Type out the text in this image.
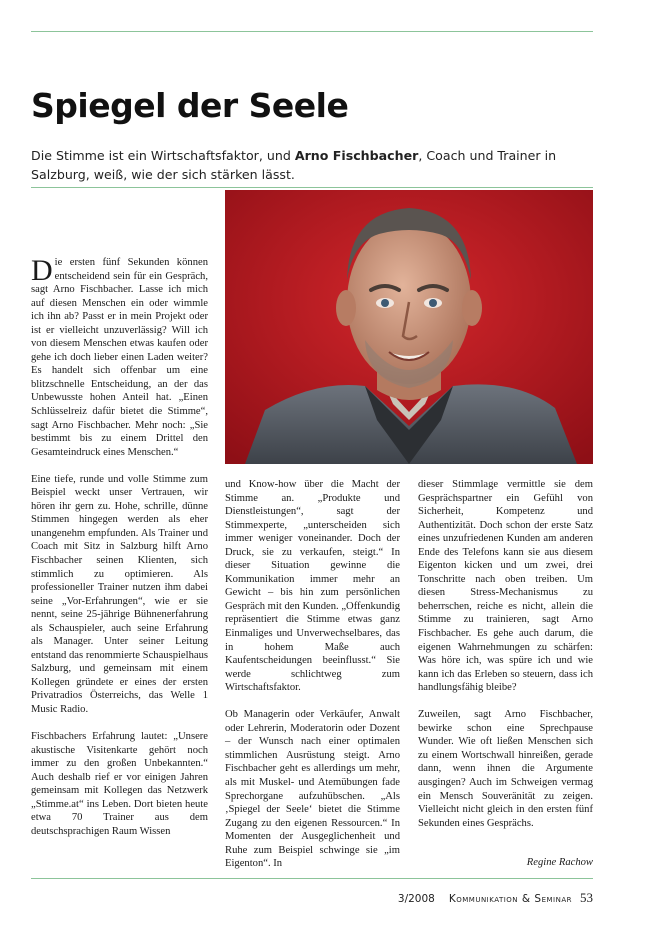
Spiegel der Seele

Die Stimme ist ein Wirtschaftsfaktor, und Arno Fischbacher, Coach und Trainer in Salzburg, weiß, wie der sich stärken lässt.

Die ersten fünf Sekunden können entscheidend sein für ein Gespräch, sagt Arno Fischbacher. Lasse ich mich auf diesen Menschen ein oder wimmle ich ihn ab? Passt er in mein Projekt oder ist er vielleicht unzuverlässig? Will ich von diesem Menschen etwas kaufen oder gehe ich doch lieber einen Laden weiter? Es handelt sich offenbar um eine blitzschnelle Entscheidung, an der das Unbewusste hohen Anteil hat. „Einen Schlüsselreiz dafür bietet die Stimme“, sagt Arno Fischbacher. Mehr noch: „Sie bestimmt bis zu einem Drittel den Gesamteindruck eines Menschen.“

Eine tiefe, runde und volle Stimme zum Beispiel weckt unser Vertrauen, wir hören ihr gern zu. Hohe, schrille, dünne Stimmen hingegen werden als eher unangenehm empfunden. Als Trainer und Coach mit Sitz in Salzburg hilft Arno Fischbacher seinen Klienten, sich stimmlich zu optimieren. Als professioneller Trainer nutzen ihm dabei seine „Vor-Erfahrungen“, wie er sie nennt, seine 25-jährige Bühnenerfahrung als Schauspieler, auch seine Erfahrung als Manager. Unter seiner Leitung entstand das renommierte Schauspielhaus Salzburg, und gemeinsam mit einem Kollegen gründete er eines der ersten Privatradios Österreichs, das Welle 1 Music Radio.

Fischbachers Erfahrung lautet: „Unsere akustische Visitenkarte gehört noch immer zu den großen Unbekannten.“ Auch deshalb rief er vor einigen Jahren gemeinsam mit Kollegen das Netzwerk „Stimme.at“ ins Leben. Dort bieten heute etwa 70 Trainer aus dem deutschsprachigen Raum Wissen

und Know-how über die Macht der Stimme an. „Produkte und Dienstleistungen“, sagt der Stimmexperte, „unterscheiden sich immer weniger voneinander. Doch der Druck, sie zu verkaufen, steigt.“ In dieser Situation gewinne die Kommunikation immer mehr an Gewicht – bis hin zum persönlichen Gespräch mit den Kunden. „Offenkundig repräsentiert die Stimme etwas ganz Einmaliges und Unverwechselbares, das in hohem Maße auch Kaufentscheidungen beeinflusst.“ Sie werde schlichtweg zum Wirtschaftsfaktor.

Ob Managerin oder Verkäufer, Anwalt oder Lehrerin, Moderatorin oder Dozent – der Wunsch nach einer optimalen stimmlichen Ausrüstung steigt. Arno Fischbacher geht es allerdings um mehr, als mit Muskel- und Atemübungen fade Sprechorgane aufzuhübschen. „Als ‚Spiegel der Seele‘ bietet die Stimme Zugang zu den eigenen Ressourcen.“ In Momenten der Ausgeglichenheit und Ruhe zum Beispiel schwinge sie „im Eigenton“. In

dieser Stimmlage vermittle sie dem Gesprächspartner ein Gefühl von Sicherheit, Kompetenz und Authentizität. Doch schon der erste Satz eines unzufriedenen Kunden am anderen Ende des Telefons kann sie aus diesem Eigenton kicken und um zwei, drei Tonschritte nach oben treiben. Um diesen Stress-Mechanismus zu beherrschen, reiche es nicht, allein die Stimme zu trainieren, sagt Arno Fischbacher. Es gehe auch darum, die eigenen Wahrnehmungen zu schärfen: Was höre ich, was spüre ich und wie kann ich das Erleben so steuern, dass ich handlungsfähig bleibe?

Zuweilen, sagt Arno Fischbacher, bewirke schon eine Sprechpause Wunder. Wie oft ließen Menschen sich zu einem Wortschwall hinreißen, gerade dann, wenn ihnen die Argumente ausgingen? Auch im Schweigen vermag ein Mensch Souveränität zu zeigen. Vielleicht nicht gleich in den ersten fünf Sekunden eines Gesprächs.

Regine Rachow
3/2008 Kommunikation & Seminar 53
